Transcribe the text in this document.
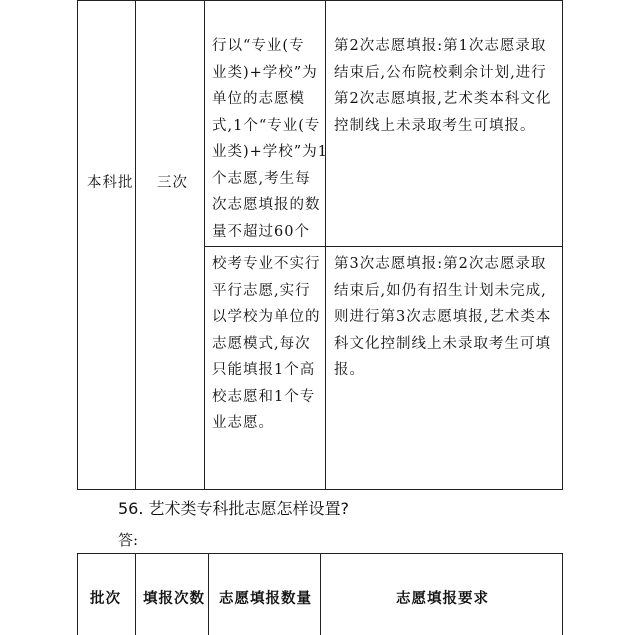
本科批 三次
行以“专业(专
业类)+学校”为
单位的志愿模
式,1个“专业(专
业类)+学校”为1
个志愿,考生每
次志愿填报的数
量不超过60个
第2次志愿填报:第1次志愿录取
结束后,公布院校剩余计划,进行
第2次志愿填报,艺术类本科文化
控制线上未录取考生可填报。
校考专业不实行
平行志愿,实行
以学校为单位的
志愿模式,每次
只能填报1个高
校志愿和1个专
业志愿。
第3次志愿填报:第2次志愿录取
结束后,如仍有招生计划未完成,
则进行第3次志愿填报,艺术类本
科文化控制线上未录取考生可填
报。
56. 艺术类专科批志愿怎样设置?
答:
批次 填报次数 志愿填报数量	志愿填报要求
